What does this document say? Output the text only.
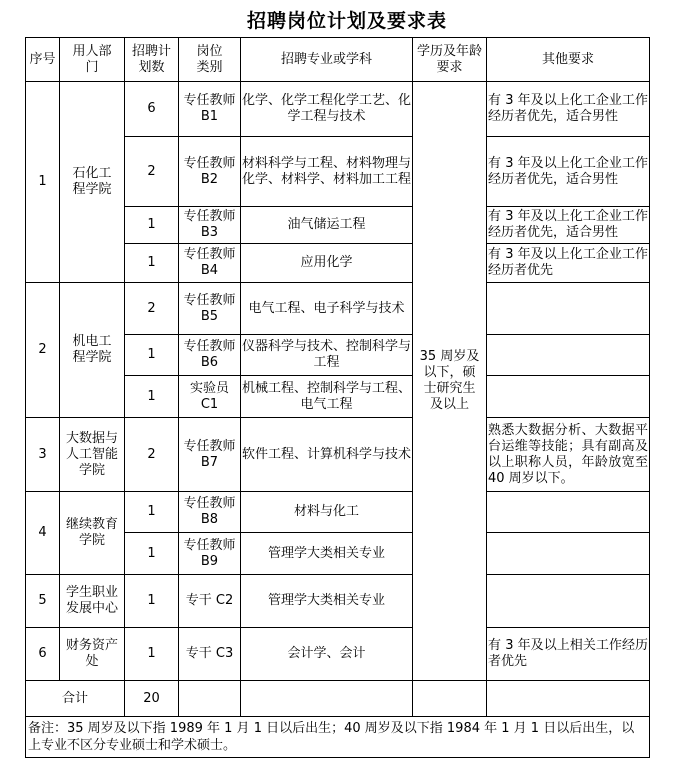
招聘岗位计划及要求表
序号	用人部门	招聘计划数	岗位类别	招聘专业或学科	学历及年龄要求	其他要求
1	石化工程学院	6	专任教师 B1	化学、化学工程化学工艺、化学工程与技术	35 周岁及以下，硕士研究生及以上	有 3 年及以上化工企业工作经历者优先，适合男性
		2	专任教师 B2	材料科学与工程、材料物理与化学、材料学、材料加工工程		有 3 年及以上化工企业工作经历者优先，适合男性
		1	专任教师 B3	油气储运工程		有 3 年及以上化工企业工作经历者优先，适合男性
		1	专任教师 B4	应用化学		有 3 年及以上化工企业工作经历者优先
2	机电工程学院	2	专任教师 B5	电气工程、电子科学与技术		
		1	专任教师 B6	仪器科学与技术、控制科学与工程		
		1	实验员 C1	机械工程、控制科学与工程、电气工程		
3	大数据与人工智能学院	2	专任教师 B7	软件工程、计算机科学与技术		熟悉大数据分析、大数据平台运维等技能；具有副高及以上职称人员，年龄放宽至 40 周岁以下。
4	继续教育学院	1	专任教师 B8	材料与化工		
		1	专任教师 B9	管理学大类相关专业		
5	学生职业发展中心	1	专干 C2	管理学大类相关专业		
6	财务资产处	1	专干 C3	会计学、会计		有 3 年及以上相关工作经历者优先
合计		20				
备注：35 周岁及以下指 1989 年 1 月 1 日以后出生；40 周岁及以下指 1984 年 1 月 1 日以后出生，以上专业不区分专业硕士和学术硕士。						
